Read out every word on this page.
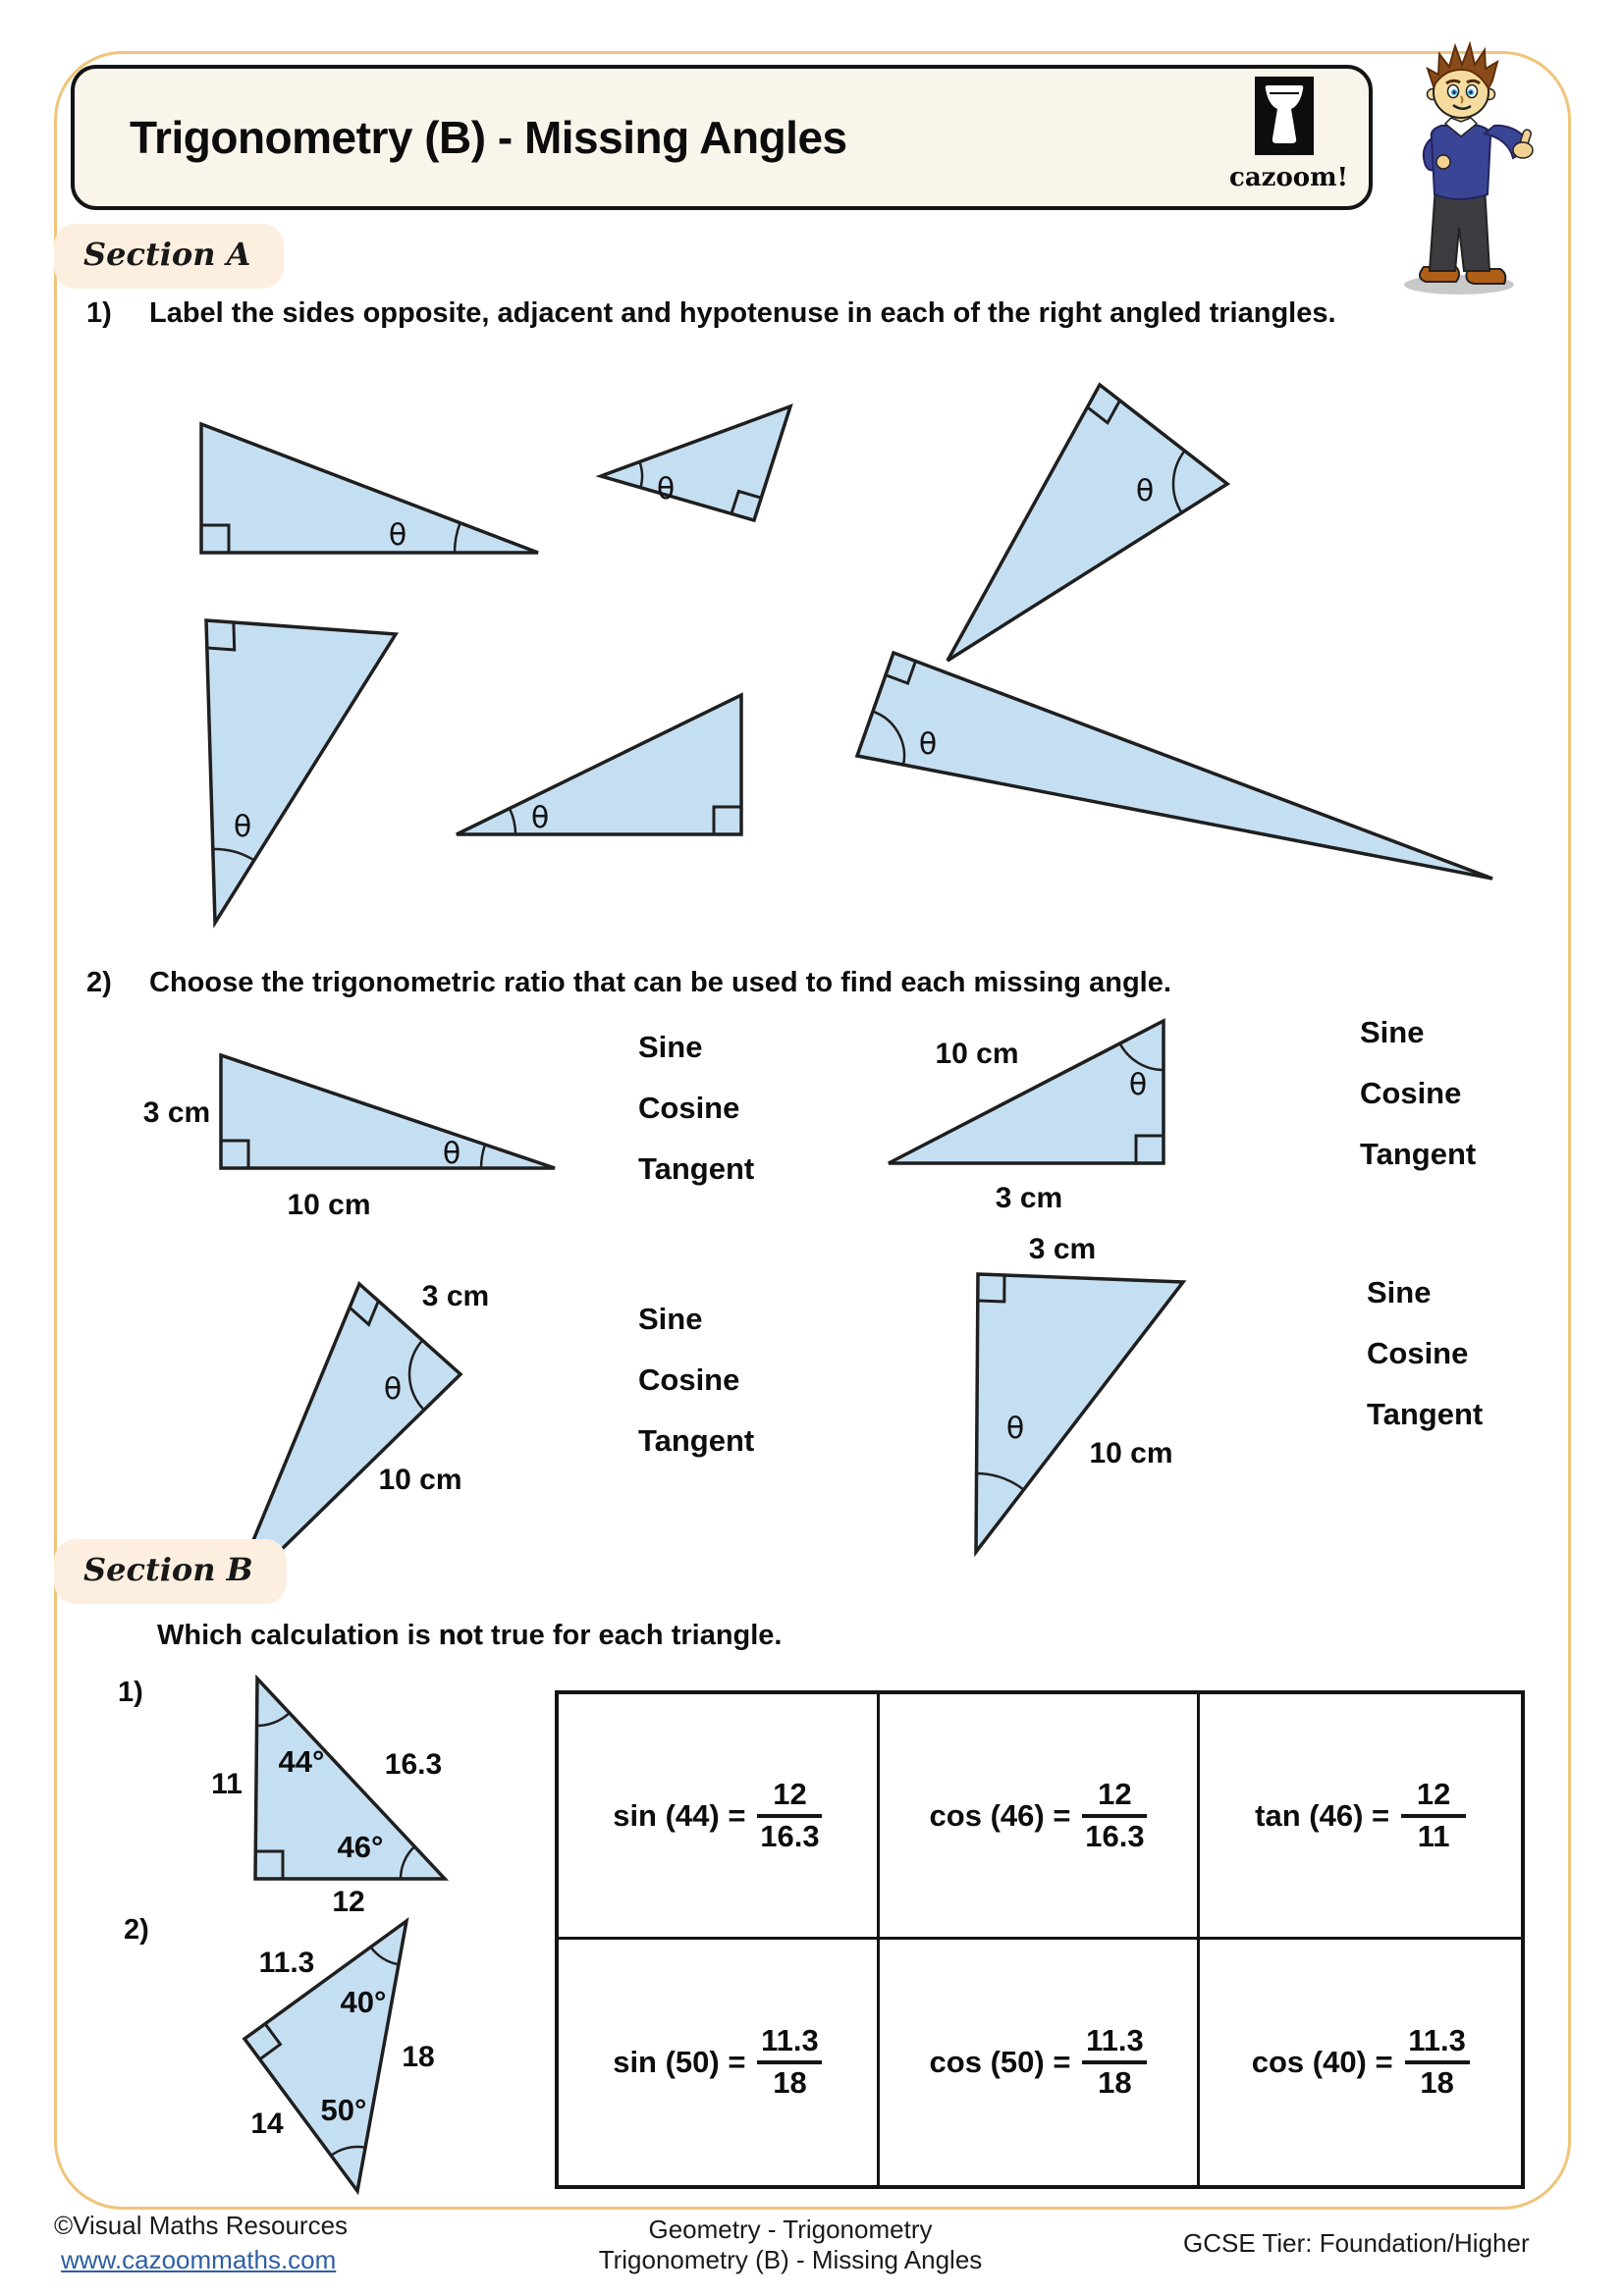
Trigonometry (B) - Missing Angles
cazoom!
Section A
1) Label the sides opposite, adjacent and hypotenuse in each of the right angled triangles.
θ
θ	θ
θ	θ
θ
2) Choose the trigonometric ratio that can be used to find each missing angle.
θ
3 cm
10 cm
Sine
Cosine
Tangent
θ
10 cm
3 cm
Sine
Cosine
Tangent
θ
3 cm
10 cm
Sine
Cosine
Tangent	θ
3 cm
10 cm
Sine
Cosine
Tangent
Section B
Which calculation is not true for each triangle.
1)
44°
46°
11
16.3
12
2)
40°
50°
11.3
18
14
$\sin (44) = \frac{12}{16.3}$	$\cos (46) = \frac{12}{16.3}$	$\tan (46) = \frac{12}{11}$
$\sin (50) = \frac{11.3}{18}$	$\cos (50) = \frac{11.3}{18}$	$\cos (40) = \frac{11.3}{18}$
©Visual Maths Resources
www.cazoommaths.com
Geometry - Trigonometry
Trigonometry (B) - Missing Angles
GCSE Tier: Foundation/Higher
